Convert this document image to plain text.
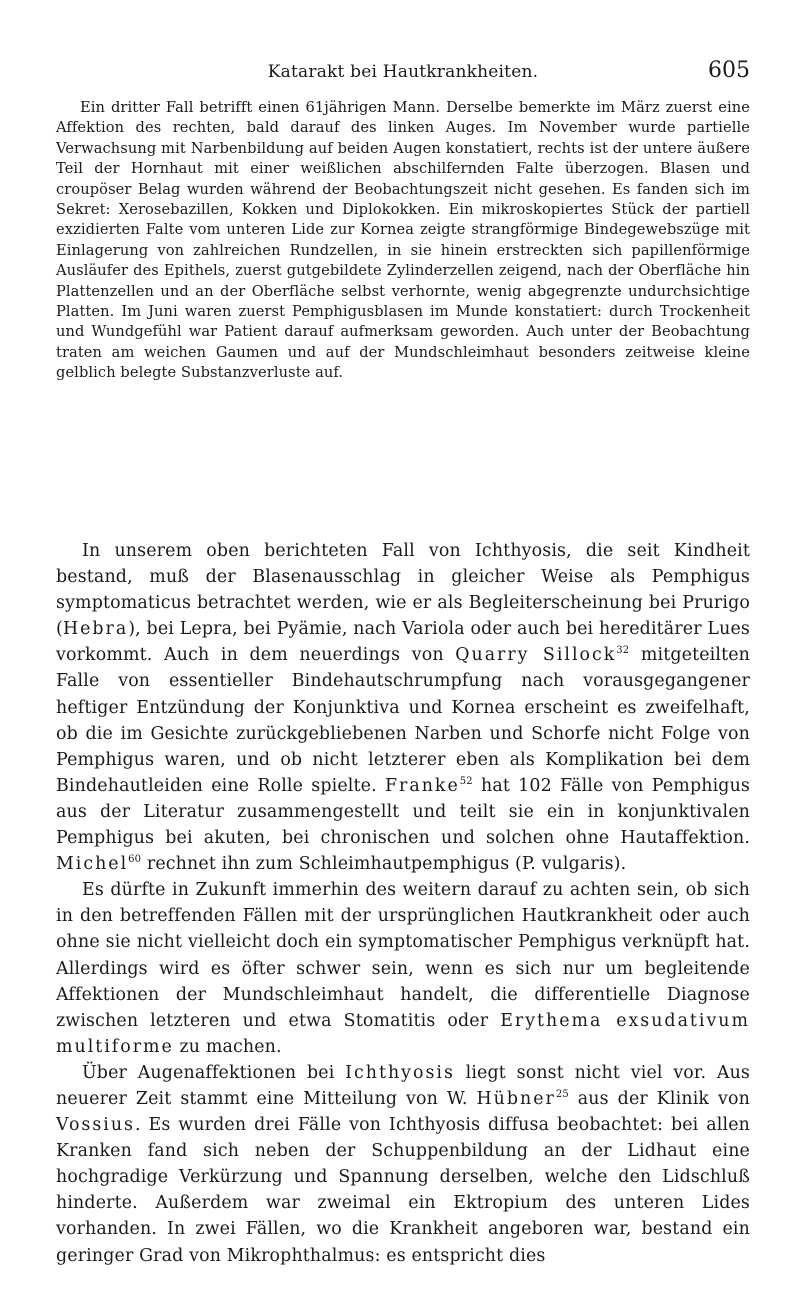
Katarakt bei Hautkrankheiten.	605

Ein dritter Fall betrifft einen 61jährigen Mann. Derselbe bemerkte im März zuerst eine Affektion des rechten, bald darauf des linken Auges. Im November wurde partielle Verwachsung mit Narbenbildung auf beiden Augen konstatiert, rechts ist der untere äußere Teil der Hornhaut mit einer weißlichen abschilfernden Falte überzogen. Blasen und croupöser Belag wurden während der Beobachtungszeit nicht gesehen. Es fanden sich im Sekret: Xerosebazillen, Kokken und Diplokokken. Ein mikroskopiertes Stück der partiell exzidierten Falte vom unteren Lide zur Kornea zeigte strangförmige Bindegewebszüge mit Einlagerung von zahlreichen Rundzellen, in sie hinein erstreckten sich papillenförmige Ausläufer des Epithels, zuerst gutgebildete Zylinderzellen zeigend, nach der Oberfläche hin Plattenzellen und an der Oberfläche selbst verhornte, wenig abgegrenzte undurchsichtige Platten. Im Juni waren zuerst Pemphigusblasen im Munde konstatiert: durch Trockenheit und Wundgefühl war Patient darauf aufmerksam geworden. Auch unter der Beobachtung traten am weichen Gaumen und auf der Mundschleimhaut besonders zeitweise kleine gelblich belegte Substanzverluste auf.

In unserem oben berichteten Fall von Ichthyosis, die seit Kindheit bestand, muß der Blasenausschlag in gleicher Weise als Pemphigus symptomaticus betrachtet werden, wie er als Begleiterscheinung bei Prurigo (Hebra), bei Lepra, bei Pyämie, nach Variola oder auch bei hereditärer Lues vorkommt. Auch in dem neuerdings von Quarry Sillock$^{32}$ mitgeteilten Falle von essentieller Bindehautschrumpfung nach vorausgegangener heftiger Entzündung der Konjunktiva und Kornea erscheint es zweifelhaft, ob die im Gesichte zurückgebliebenen Narben und Schorfe nicht Folge von Pemphigus waren, und ob nicht letzterer eben als Komplikation bei dem Bindehautleiden eine Rolle spielte. Franke$^{52}$ hat 102 Fälle von Pemphigus aus der Literatur zusammengestellt und teilt sie ein in konjunktivalen Pemphigus bei akuten, bei chronischen und solchen ohne Hautaffektion. Michel$^{60}$ rechnet ihn zum Schleimhautpemphigus (P. vulgaris).

Es dürfte in Zukunft immerhin des weitern darauf zu achten sein, ob sich in den betreffenden Fällen mit der ursprünglichen Hautkrankheit oder auch ohne sie nicht vielleicht doch ein symptomatischer Pemphigus verknüpft hat. Allerdings wird es öfter schwer sein, wenn es sich nur um begleitende Affektionen der Mundschleimhaut handelt, die differentielle Diagnose zwischen letzteren und etwa Stomatitis oder Erythema exsudativum multiforme zu machen.

Über Augenaffektionen bei Ichthyosis liegt sonst nicht viel vor. Aus neuerer Zeit stammt eine Mitteilung von W. Hübner$^{25}$ aus der Klinik von Vossius. Es wurden drei Fälle von Ichthyosis diffusa beobachtet: bei allen Kranken fand sich neben der Schuppenbildung an der Lidhaut eine hochgradige Verkürzung und Spannung derselben, welche den Lidschluß hinderte. Außerdem war zweimal ein Ektropium des unteren Lides vorhanden. In zwei Fällen, wo die Krankheit angeboren war, bestand ein geringer Grad von Mikrophthalmus: es entspricht dies
